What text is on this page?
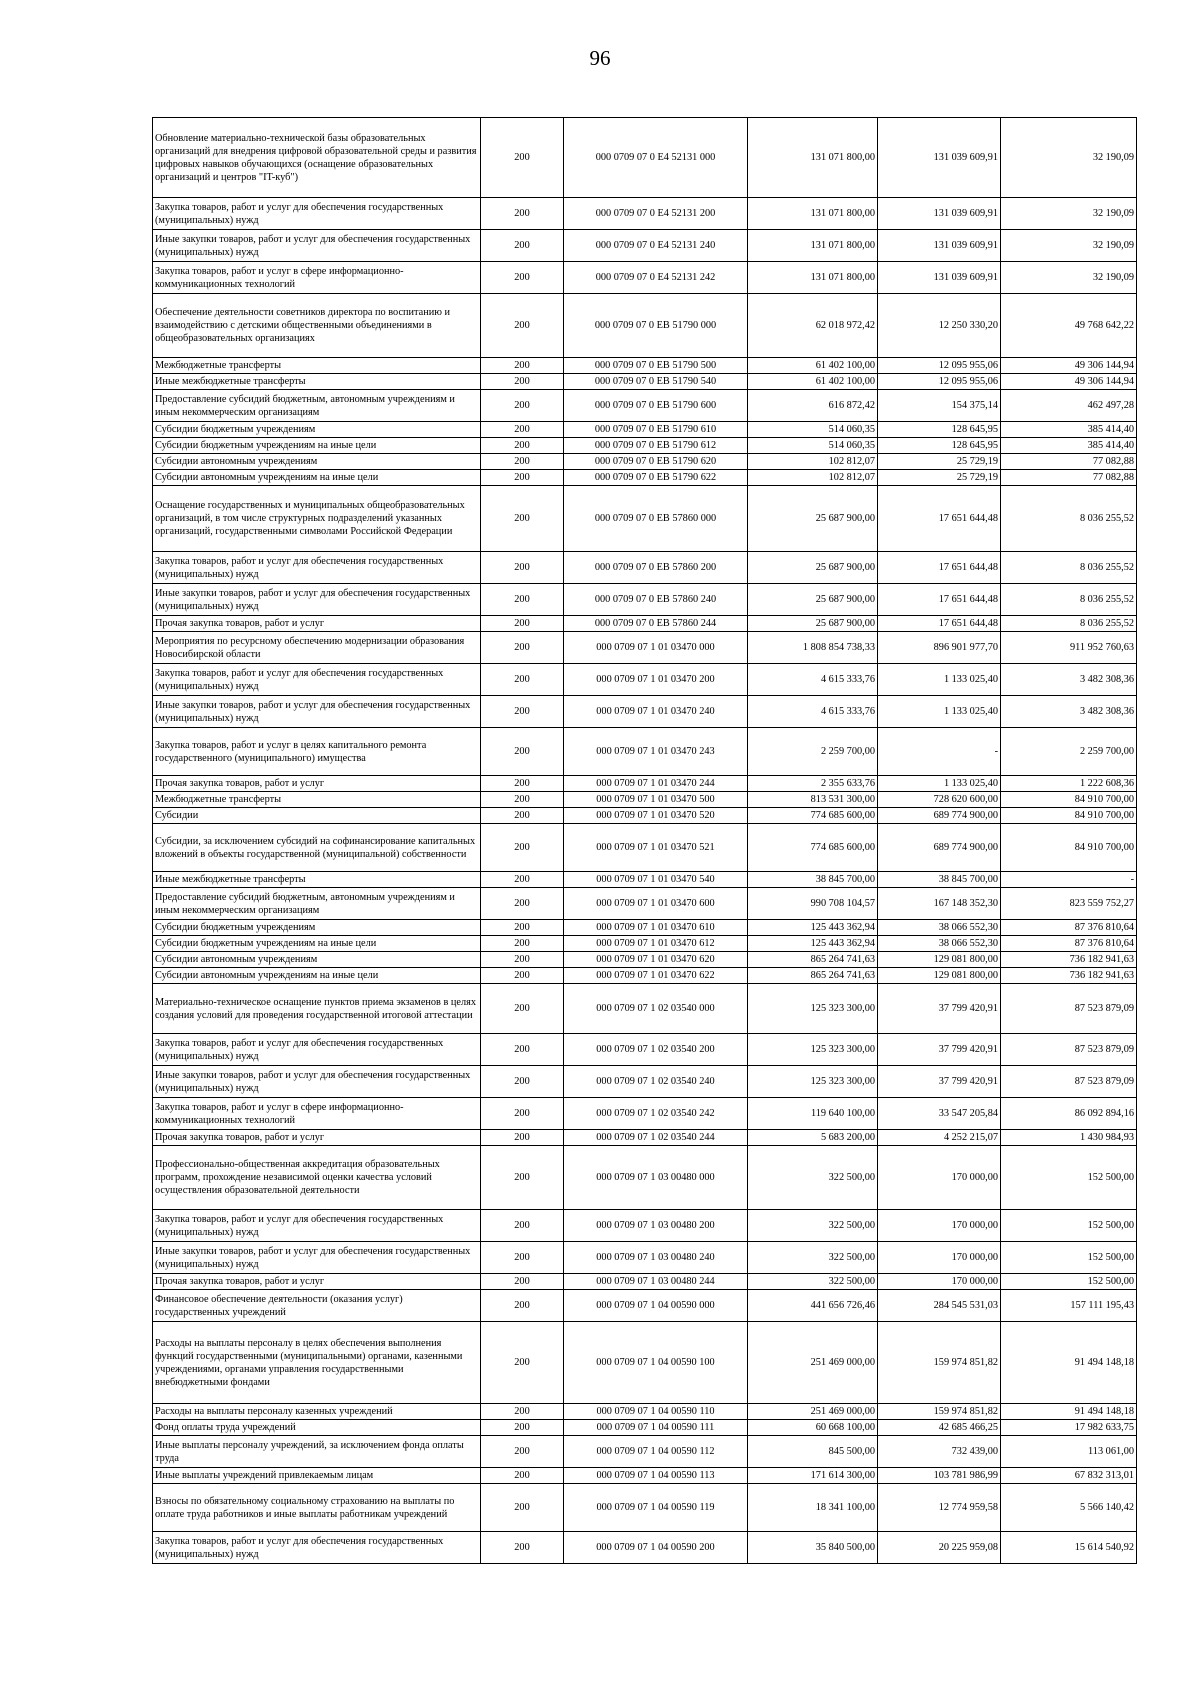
96
Обновление материально-технической базы образовательных организаций для внедрения цифровой образовательной среды и развития цифровых навыков обучающихся (оснащение образовательных организаций и центров "IT-куб")	200	000 0709 07 0 E4 52131 000	131 071 800,00	131 039 609,91	32 190,09
Закупка товаров, работ и услуг для обеспечения государственных (муниципальных) нужд	200	000 0709 07 0 E4 52131 200	131 071 800,00	131 039 609,91	32 190,09
Иные закупки товаров, работ и услуг для обеспечения государственных (муниципальных) нужд	200	000 0709 07 0 E4 52131 240	131 071 800,00	131 039 609,91	32 190,09
Закупка товаров, работ и услуг в сфере информационно-коммуникационных технологий	200	000 0709 07 0 E4 52131 242	131 071 800,00	131 039 609,91	32 190,09
Обеспечение деятельности советников директора по воспитанию и взаимодействию с детскими общественными объединениями в общеобразовательных организациях	200	000 0709 07 0 EВ 51790 000	62 018 972,42	12 250 330,20	49 768 642,22
Межбюджетные трансферты	200	000 0709 07 0 EВ 51790 500	61 402 100,00	12 095 955,06	49 306 144,94
Иные межбюджетные трансферты	200	000 0709 07 0 EВ 51790 540	61 402 100,00	12 095 955,06	49 306 144,94
Предоставление субсидий бюджетным, автономным учреждениям и иным некоммерческим организациям	200	000 0709 07 0 EВ 51790 600	616 872,42	154 375,14	462 497,28
Субсидии бюджетным учреждениям	200	000 0709 07 0 EВ 51790 610	514 060,35	128 645,95	385 414,40
Субсидии бюджетным учреждениям на иные цели	200	000 0709 07 0 EВ 51790 612	514 060,35	128 645,95	385 414,40
Субсидии автономным учреждениям	200	000 0709 07 0 EВ 51790 620	102 812,07	25 729,19	77 082,88
Субсидии автономным учреждениям на иные цели	200	000 0709 07 0 EВ 51790 622	102 812,07	25 729,19	77 082,88
Оснащение государственных и муниципальных общеобразовательных организаций, в том числе структурных подразделений указанных организаций, государственными символами Российской Федерации	200	000 0709 07 0 EВ 57860 000	25 687 900,00	17 651 644,48	8 036 255,52
Закупка товаров, работ и услуг для обеспечения государственных (муниципальных) нужд	200	000 0709 07 0 EВ 57860 200	25 687 900,00	17 651 644,48	8 036 255,52
Иные закупки товаров, работ и услуг для обеспечения государственных (муниципальных) нужд	200	000 0709 07 0 EВ 57860 240	25 687 900,00	17 651 644,48	8 036 255,52
Прочая закупка товаров, работ и услуг	200	000 0709 07 0 EВ 57860 244	25 687 900,00	17 651 644,48	8 036 255,52
Мероприятия по ресурсному обеспечению модернизации образования Новосибирской области	200	000 0709 07 1 01 03470 000	1 808 854 738,33	896 901 977,70	911 952 760,63
Закупка товаров, работ и услуг для обеспечения государственных (муниципальных) нужд	200	000 0709 07 1 01 03470 200	4 615 333,76	1 133 025,40	3 482 308,36
Иные закупки товаров, работ и услуг для обеспечения государственных (муниципальных) нужд	200	000 0709 07 1 01 03470 240	4 615 333,76	1 133 025,40	3 482 308,36
Закупка товаров, работ и услуг в целях капитального ремонта государственного (муниципального) имущества	200	000 0709 07 1 01 03470 243	2 259 700,00	-	2 259 700,00
Прочая закупка товаров, работ и услуг	200	000 0709 07 1 01 03470 244	2 355 633,76	1 133 025,40	1 222 608,36
Межбюджетные трансферты	200	000 0709 07 1 01 03470 500	813 531 300,00	728 620 600,00	84 910 700,00
Субсидии	200	000 0709 07 1 01 03470 520	774 685 600,00	689 774 900,00	84 910 700,00
Субсидии, за исключением субсидий на софинансирование капитальных вложений в объекты государственной (муниципальной) собственности	200	000 0709 07 1 01 03470 521	774 685 600,00	689 774 900,00	84 910 700,00
Иные межбюджетные трансферты	200	000 0709 07 1 01 03470 540	38 845 700,00	38 845 700,00	-
Предоставление субсидий бюджетным, автономным учреждениям и иным некоммерческим организациям	200	000 0709 07 1 01 03470 600	990 708 104,57	167 148 352,30	823 559 752,27
Субсидии бюджетным учреждениям	200	000 0709 07 1 01 03470 610	125 443 362,94	38 066 552,30	87 376 810,64
Субсидии бюджетным учреждениям на иные цели	200	000 0709 07 1 01 03470 612	125 443 362,94	38 066 552,30	87 376 810,64
Субсидии автономным учреждениям	200	000 0709 07 1 01 03470 620	865 264 741,63	129 081 800,00	736 182 941,63
Субсидии автономным учреждениям на иные цели	200	000 0709 07 1 01 03470 622	865 264 741,63	129 081 800,00	736 182 941,63
Материально-техническое оснащение пунктов приема экзаменов в целях создания условий для проведения государственной итоговой аттестации	200	000 0709 07 1 02 03540 000	125 323 300,00	37 799 420,91	87 523 879,09
Закупка товаров, работ и услуг для обеспечения государственных (муниципальных) нужд	200	000 0709 07 1 02 03540 200	125 323 300,00	37 799 420,91	87 523 879,09
Иные закупки товаров, работ и услуг для обеспечения государственных (муниципальных) нужд	200	000 0709 07 1 02 03540 240	125 323 300,00	37 799 420,91	87 523 879,09
Закупка товаров, работ и услуг в сфере информационно-коммуникационных технологий	200	000 0709 07 1 02 03540 242	119 640 100,00	33 547 205,84	86 092 894,16
Прочая закупка товаров, работ и услуг	200	000 0709 07 1 02 03540 244	5 683 200,00	4 252 215,07	1 430 984,93
Профессионально-общественная аккредитация образовательных программ, прохождение независимой оценки качества условий осуществления образовательной деятельности	200	000 0709 07 1 03 00480 000	322 500,00	170 000,00	152 500,00
Закупка товаров, работ и услуг для обеспечения государственных (муниципальных) нужд	200	000 0709 07 1 03 00480 200	322 500,00	170 000,00	152 500,00
Иные закупки товаров, работ и услуг для обеспечения государственных (муниципальных) нужд	200	000 0709 07 1 03 00480 240	322 500,00	170 000,00	152 500,00
Прочая закупка товаров, работ и услуг	200	000 0709 07 1 03 00480 244	322 500,00	170 000,00	152 500,00
Финансовое обеспечение деятельности (оказания услуг) государственных учреждений	200	000 0709 07 1 04 00590 000	441 656 726,46	284 545 531,03	157 111 195,43
Расходы на выплаты персоналу в целях обеспечения выполнения функций государственными (муниципальными) органами, казенными учреждениями, органами управления государственными внебюджетными фондами	200	000 0709 07 1 04 00590 100	251 469 000,00	159 974 851,82	91 494 148,18
Расходы на выплаты персоналу казенных учреждений	200	000 0709 07 1 04 00590 110	251 469 000,00	159 974 851,82	91 494 148,18
Фонд оплаты труда учреждений	200	000 0709 07 1 04 00590 111	60 668 100,00	42 685 466,25	17 982 633,75
Иные выплаты персоналу учреждений, за исключением фонда оплаты труда	200	000 0709 07 1 04 00590 112	845 500,00	732 439,00	113 061,00
Иные выплаты учреждений привлекаемым лицам	200	000 0709 07 1 04 00590 113	171 614 300,00	103 781 986,99	67 832 313,01
Взносы по обязательному социальному страхованию на выплаты по оплате труда работников и иные выплаты работникам учреждений	200	000 0709 07 1 04 00590 119	18 341 100,00	12 774 959,58	5 566 140,42
Закупка товаров, работ и услуг для обеспечения государственных (муниципальных) нужд	200	000 0709 07 1 04 00590 200	35 840 500,00	20 225 959,08	15 614 540,92
